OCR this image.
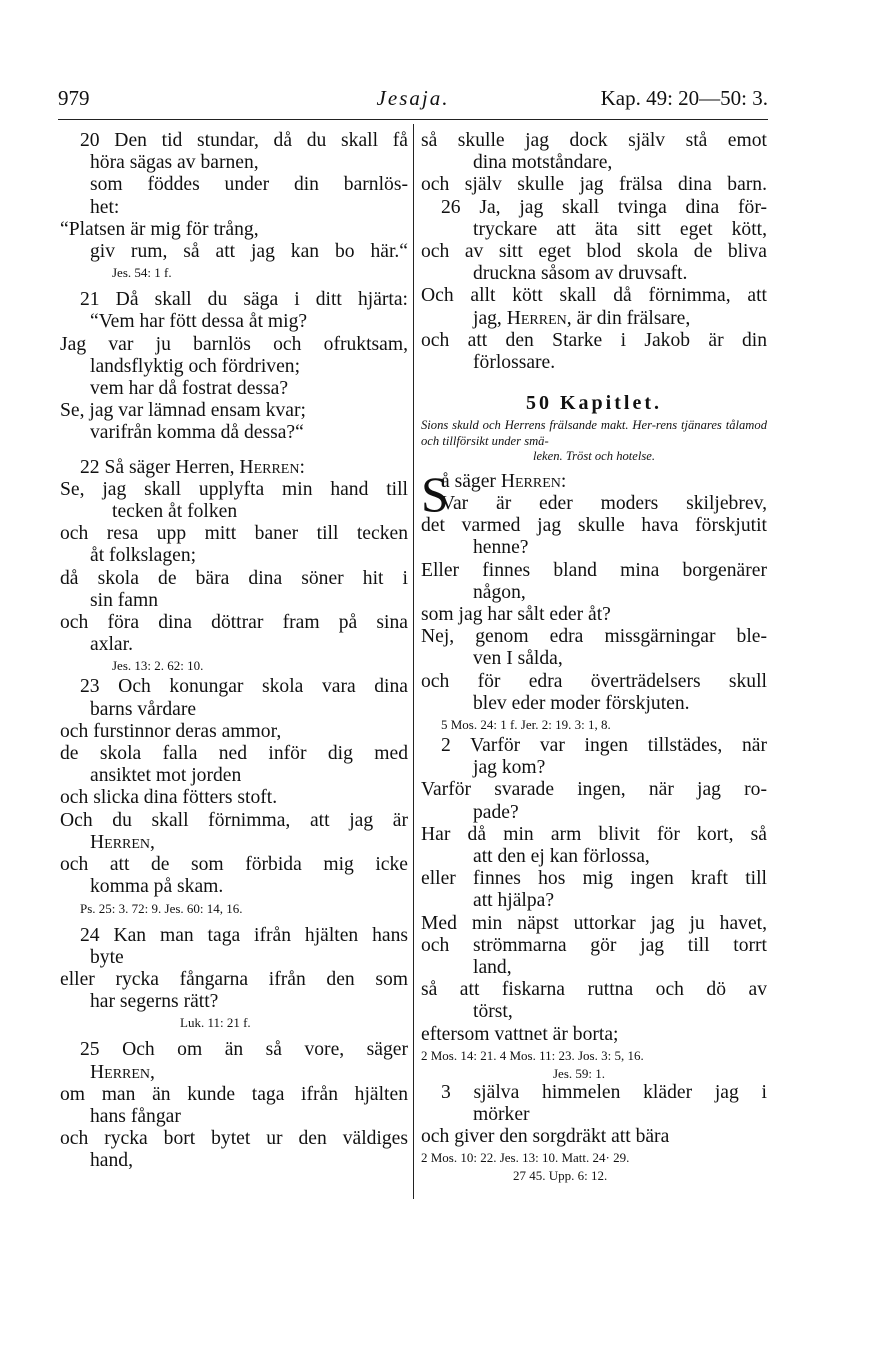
979	Jesaja.	Kap. 49: 20—50: 3.
20 Den tid stundar, då du skall få
höra sägas av barnen,
som föddes under din barnlös-
het:
“Platsen är mig för trång,
giv rum, så att jag kan bo här.“
Jes. 54: 1 f.
21 Då skall du säga i ditt hjärta:
“Vem har fött dessa åt mig?
Jag var ju barnlös och ofruktsam,
landsflyktig och fördriven;
vem har då fostrat dessa?
Se, jag var lämnad ensam kvar;
varifrån komma då dessa?“
22 Så säger Herren, Herren:
Se, jag skall upplyfta min hand till
tecken åt folken
och resa upp mitt baner till tecken
åt folkslagen;
då skola de bära dina söner hit i
sin famn
och föra dina döttrar fram på sina
axlar.
Jes. 13: 2. 62: 10.
23 Och konungar skola vara dina
barns vårdare
och furstinnor deras ammor,
de skola falla ned inför dig med
ansiktet mot jorden
och slicka dina fötters stoft.
Och du skall förnimma, att jag är
Herren,
och att de som förbida mig icke
komma på skam.
Ps. 25: 3. 72: 9. Jes. 60: 14, 16.
24 Kan man taga ifrån hjälten hans
byte
eller rycka fångarna ifrån den som
har segerns rätt?
Luk. 11: 21 f.
25 Och om än så vore, säger
Herren,
om man än kunde taga ifrån hjälten
hans fångar
och rycka bort bytet ur den väldiges
hand,
så skulle jag dock själv stå emot
dina motståndare,
och själv skulle jag frälsa dina barn.
26 Ja, jag skall tvinga dina för-
tryckare att äta sitt eget kött,
och av sitt eget blod skola de bliva
druckna såsom av druvsaft.
Och allt kött skall då förnimma, att
jag, Herren, är din frälsare,
och att den Starke i Jakob är din
förlossare.
50 Kapitlet.
Sions skuld och Herrens frälsande makt. Her-rens tjänares tålamod och tillförsikt under smä-
leken. Tröst och hotelse.
S
å säger Herren:
Var är eder moders skiljebrev,
det varmed jag skulle hava förskjutit
henne?
Eller finnes bland mina borgenärer
någon,
som jag har sålt eder åt?
Nej, genom edra missgärningar ble-
ven I sålda,
och för edra överträdelsers skull
blev eder moder förskjuten.
5 Mos. 24: 1 f. Jer. 2: 19. 3: 1, 8.
2 Varför var ingen tillstädes, när
jag kom?
Varför svarade ingen, när jag ro-
pade?
Har då min arm blivit för kort, så
att den ej kan förlossa,
eller finnes hos mig ingen kraft till
att hjälpa?
Med min näpst uttorkar jag ju havet,
och strömmarna gör jag till torrt
land,
så att fiskarna ruttna och dö av
törst,
eftersom vattnet är borta;
2 Mos. 14: 21. 4 Mos. 11: 23. Jos. 3: 5, 16.
Jes. 59: 1.
3 själva himmelen kläder jag i
mörker
och giver den sorgdräkt att bära
2 Mos. 10: 22. Jes. 13: 10. Matt. 24· 29.
27 45. Upp. 6: 12.
